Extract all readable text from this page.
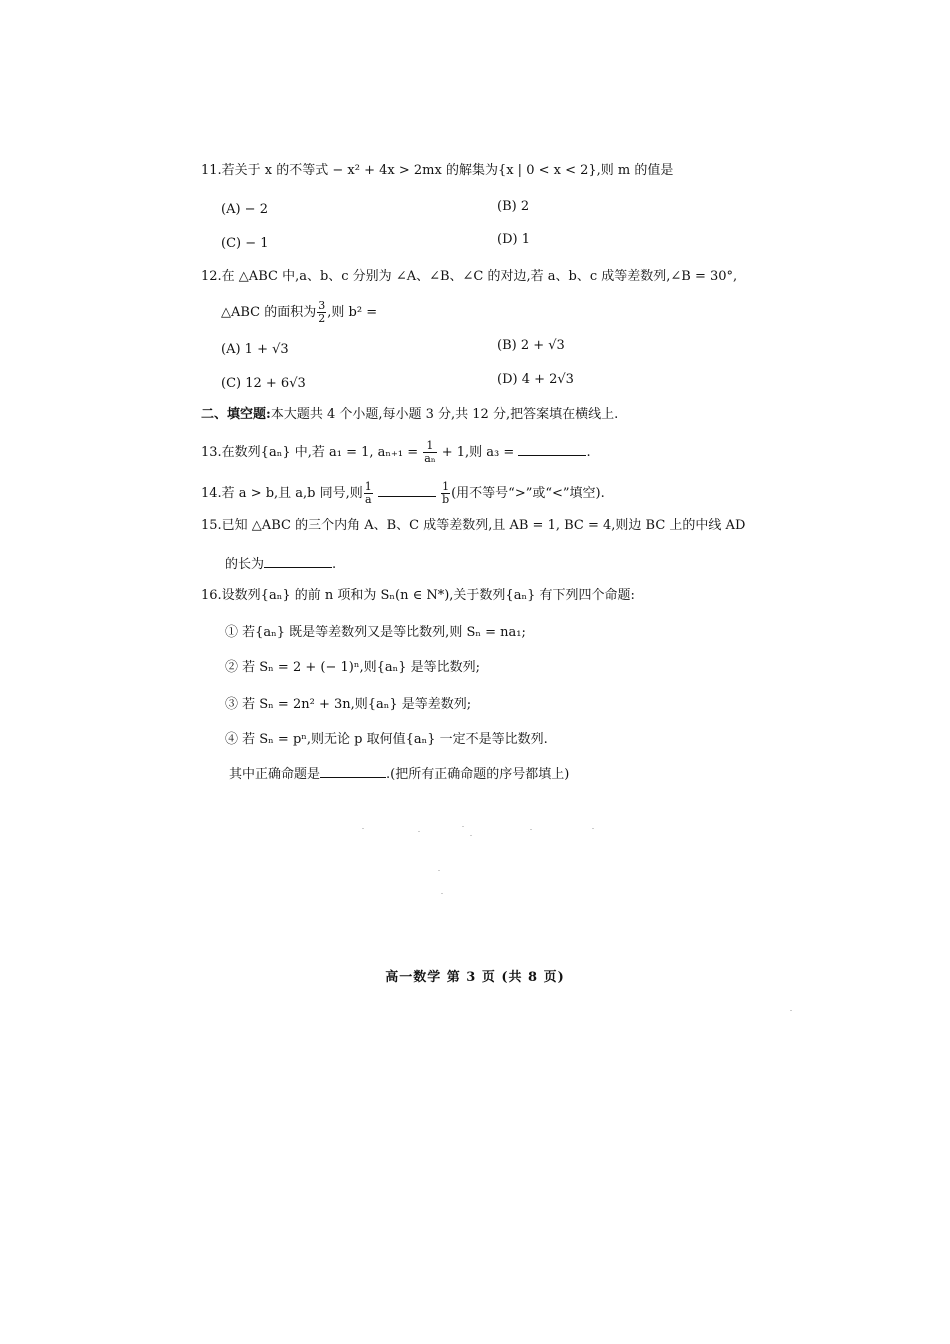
11.若关于 x 的不等式 − x² + 4x > 2mx 的解集为{x | 0 < x < 2},则 m 的值是
(A) − 2	(B) 2
(C) − 1	(D) 1
12.在 △ABC 中,a、b、c 分别为 ∠A、∠B、∠C 的对边,若 a、b、c 成等差数列,∠B = 30°,
△ABC 的面积为 $\frac{3}{2}$ ,则 b² =
(A) 1 + √3	(B) 2 + √3
(C) 12 + 6√3	(D) 4 + 2√3
二、填空题:本大题共 4 个小题,每小题 3 分,共 12 分,把答案填在横线上.
13.在数列{aₙ} 中,若 a₁ = 1, $a_{n+1} = \frac{1}{\text{aₙ}} + 1$,则 a₃ =	.
14.若 a > b,且 a,b 同号,则 $\frac{1}{a}$
	$\frac{1}{b}$ (用不等号“>”或“<”填空).
15.已知 △ABC 的三个内角 A、B、C 成等差数列,且 AB = 1, BC = 4,则边 BC 上的中线 AD
的长为	.
16.设数列{aₙ} 的前 n 项和为 Sₙ(n ∈ N*),关于数列{aₙ} 有下列四个命题:
① 若{aₙ} 既是等差数列又是等比数列,则 Sₙ = na₁;
② 若 Sₙ = 2 + (− 1)ⁿ,则{aₙ} 是等比数列;
③ 若 Sₙ = 2n² + 3n,则{aₙ} 是等差数列;
④ 若 Sₙ = pⁿ,则无论 p 取何值{aₙ} 一定不是等比数列.
其中正确命题是	.(把所有正确命题的序号都填上)
高一数学 第 3 页 (共 8 页)
